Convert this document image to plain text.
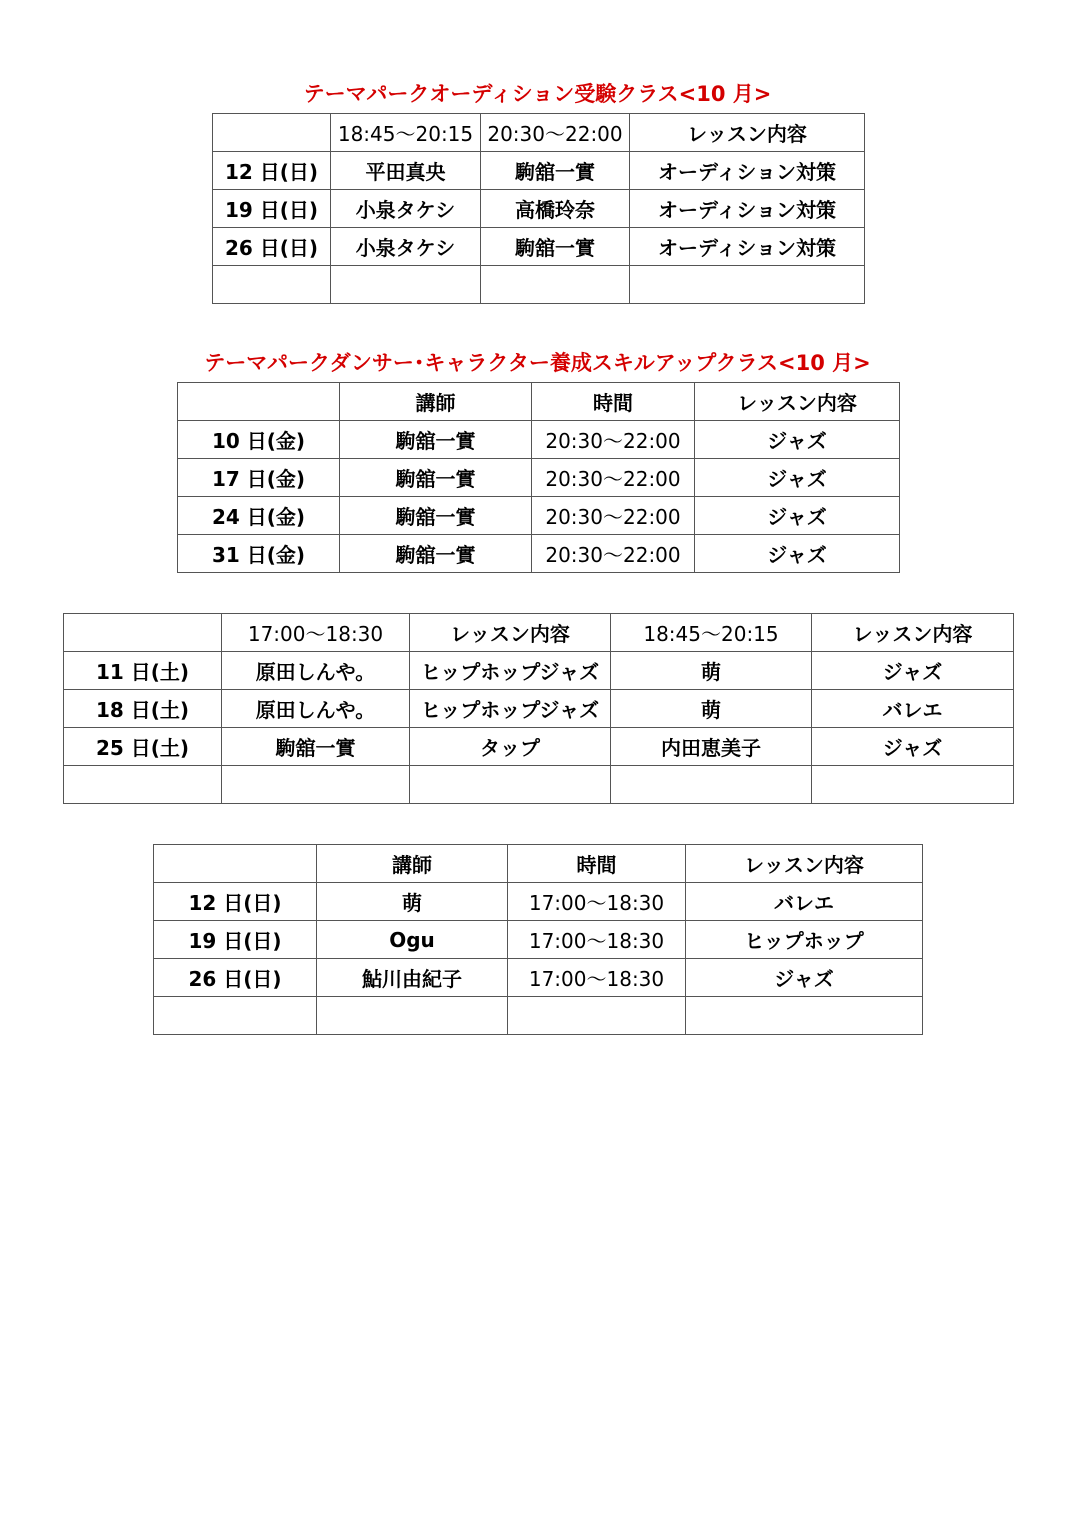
テーマパークオーディション受験クラス<10 月>
	18:45～20:15	20:30～22:00	レッスン内容
12 日(日)	平田真央	駒舘一實	オーディション対策
19 日(日)	小泉タケシ	高橋玲奈	オーディション対策
26 日(日)	小泉タケシ	駒舘一實	オーディション対策

テーマパークダンサー･キャラクター養成スキルアップクラス<10 月>
	講師	時間	レッスン内容
10 日(金)	駒舘一實	20:30～22:00	ジャズ
17 日(金)	駒舘一實	20:30～22:00	ジャズ
24 日(金)	駒舘一實	20:30～22:00	ジャズ
31 日(金)	駒舘一實	20:30～22:00	ジャズ
	17:00～18:30	レッスン内容	18:45～20:15	レッスン内容
11 日(土)	原田しんや。	ヒップホップジャズ	萌	ジャズ
18 日(土)	原田しんや。	ヒップホップジャズ	萌	バレエ
25 日(土)	駒舘一實	タップ	内田恵美子	ジャズ

	講師	時間	レッスン内容
12 日(日)	萌	17:00～18:30	バレエ
19 日(日)	Ogu	17:00～18:30	ヒップホップ
26 日(日)	鮎川由紀子	17:00～18:30	ジャズ
